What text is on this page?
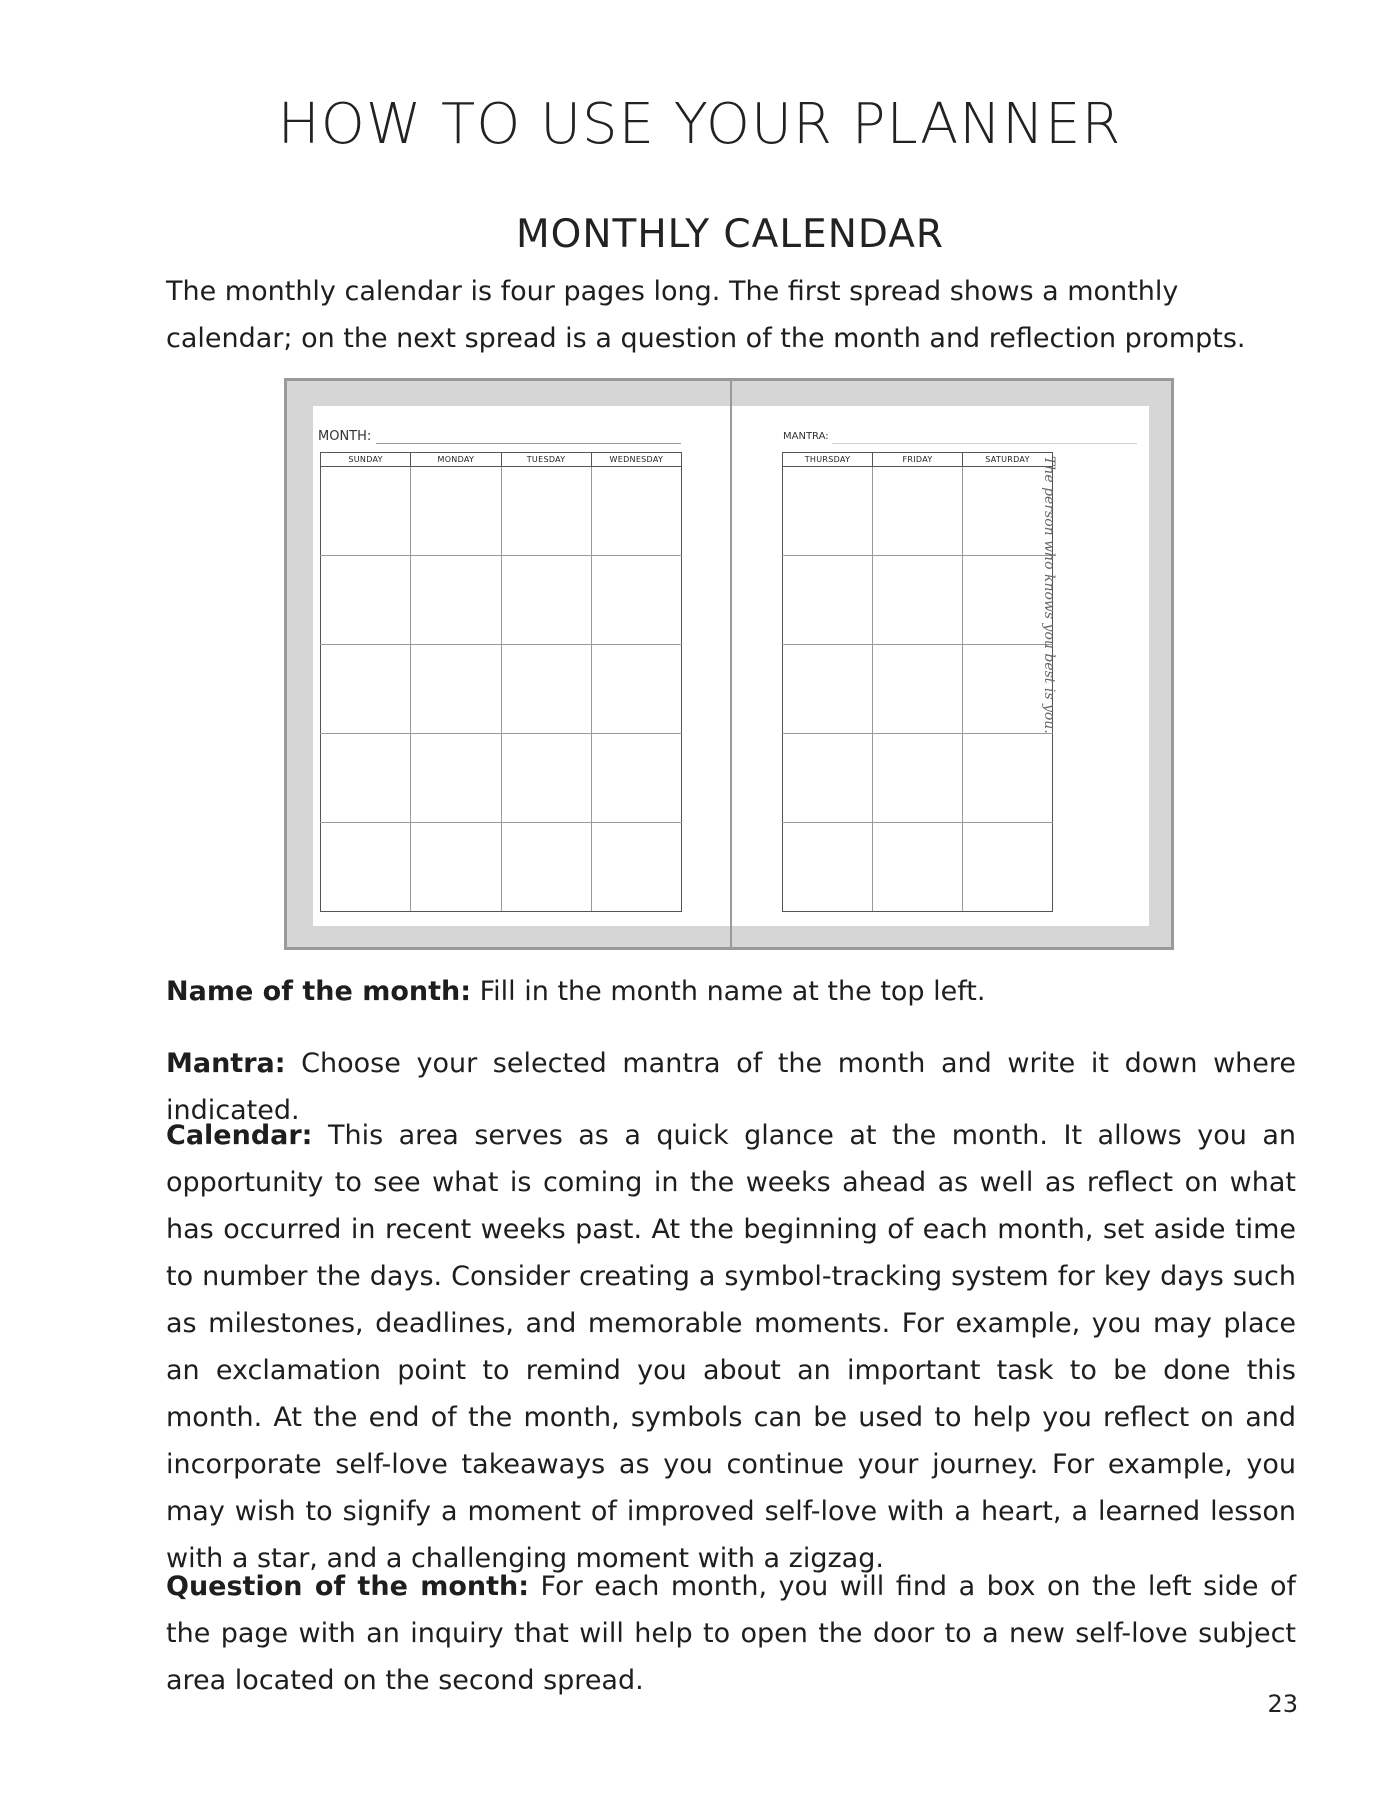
HOW TO USE YOUR PLANNER
MONTHLY CALENDAR
The monthly calendar is four pages long. The first spread shows a monthly calendar; on the next spread is a question of the month and reflection prompts.
MONTH:
SUNDAY	MONDAY	TUESDAY	WEDNESDAY

MANTRA:
THURSDAY	FRIDAY	SATURDAY

		The person who knows you best is you.
Name of the month: Fill in the month name at the top left.
Mantra: Choose your selected mantra of the month and write it down where indicated.
Calendar: This area serves as a quick glance at the month. It allows you an opportunity to see what is coming in the weeks ahead as well as reflect on what has occurred in recent weeks past. At the beginning of each month, set aside time to number the days. Consider creating a symbol-tracking system for key days such as milestones, deadlines, and memorable moments. For example, you may place an exclamation point to remind you about an important task to be done this month. At the end of the month, symbols can be used to help you reflect on and incorporate self-love takeaways as you continue your journey. For example, you may wish to signify a moment of improved self-love with a heart, a learned lesson with a star, and a challenging moment with a zigzag.
Question of the month: For each month, you will find a box on the left side of the page with an inquiry that will help to open the door to a new self-love subject area located on the second spread.
23
